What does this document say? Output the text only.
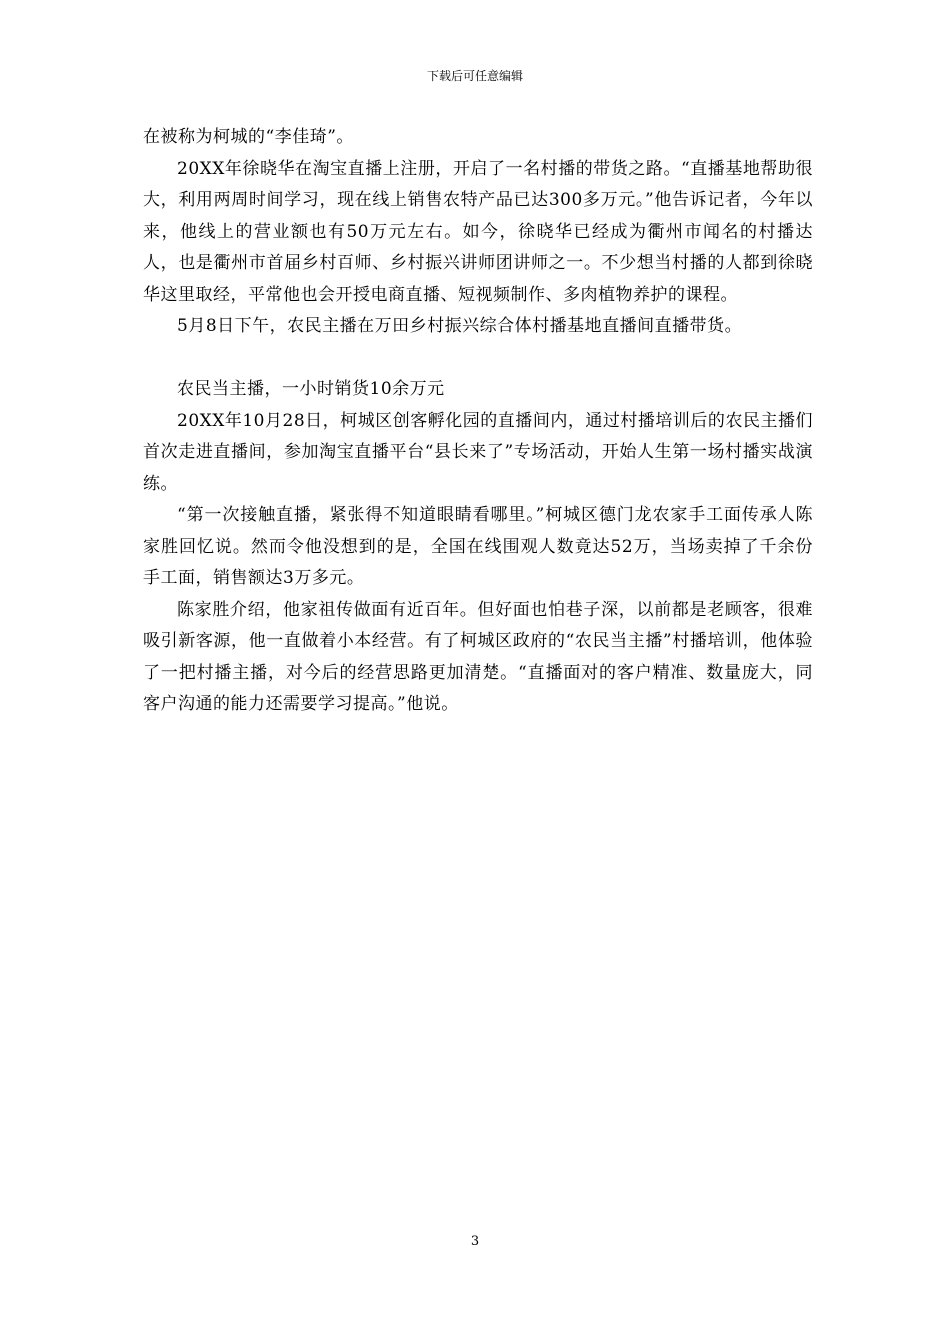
下载后可任意编辑

在被称为柯城的“李佳琦”。

20XX年徐晓华在淘宝直播上注册，开启了一名村播的带货之路。“直播基地帮助很大，利用两周时间学习，现在线上销售农特产品已达300多万元。”他告诉记者，今年以来，他线上的营业额也有50万元左右。如今，徐晓华已经成为衢州市闻名的村播达人，也是衢州市首届乡村百师、乡村振兴讲师团讲师之一。不少想当村播的人都到徐晓华这里取经，平常他也会开授电商直播、短视频制作、多肉植物养护的课程。

5月8日下午，农民主播在万田乡村振兴综合体村播基地直播间直播带货。

农民当主播，一小时销货10余万元

20XX年10月28日，柯城区创客孵化园的直播间内，通过村播培训后的农民主播们首次走进直播间，参加淘宝直播平台“县长来了”专场活动，开始人生第一场村播实战演练。

“第一次接触直播，紧张得不知道眼睛看哪里。”柯城区德门龙农家手工面传承人陈家胜回忆说。然而令他没想到的是，全国在线围观人数竟达52万，当场卖掉了千余份手工面，销售额达3万多元。

陈家胜介绍，他家祖传做面有近百年。但好面也怕巷子深，以前都是老顾客，很难吸引新客源，他一直做着小本经营。有了柯城区政府的“农民当主播”村播培训，他体验了一把村播主播，对今后的经营思路更加清楚。“直播面对的客户精准、数量庞大，同客户沟通的能力还需要学习提高。”他说。

3
